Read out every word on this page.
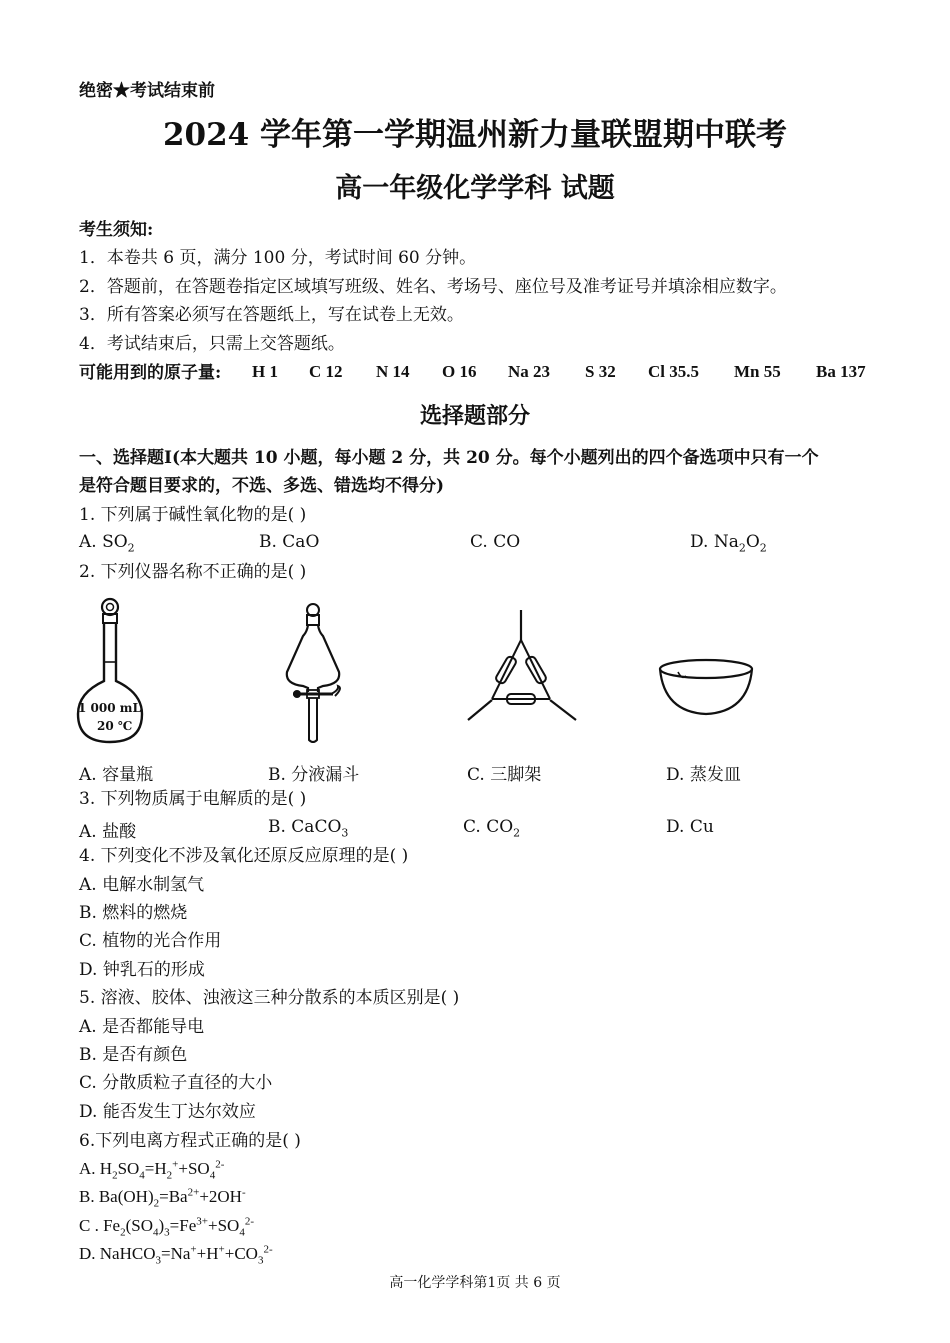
绝密★考试结束前
2024 学年第一学期温州新力量联盟期中联考
高一年级化学学科 试题
考生须知:
1．本卷共 6 页，满分 100 分，考试时间 60 分钟。
2．答题前，在答题卷指定区域填写班级、姓名、考场号、座位号及准考证号并填涂相应数字。
3．所有答案必须写在答题纸上，写在试卷上无效。
4．考试结束后，只需上交答题纸。
可能用到的原子量: H 1 C 12 N 14 O 16 Na 23 S 32 Cl 35.5 Mn 55 Ba 137
选择题部分
一、选择题I(本大题共 10 小题，每小题 2 分，共 20 分。每个小题列出的四个备选项中只有一个
是符合题目要求的，不选、多选、错选均不得分)
1. 下列属于碱性氧化物的是( )
A. $SO_2$	B. CaO	C. CO	D. $Na_2O_2$
2. 下列仪器名称不正确的是( )
1 000 mL
20 ℃
A. 容量瓶	B. 分液漏斗	C. 三脚架	D. 蒸发皿
3. 下列物质属于电解质的是( )
A. 盐酸	B. CaCO$_3$	C. $CO_2$	D. Cu
4. 下列变化不涉及氧化还原反应原理的是( )
A. 电解水制氢气
B. 燃料的燃烧
C. 植物的光合作用
D. 钟乳石的形成
5. 溶液、胶体、浊液这三种分散系的本质区别是( )
A. 是否都能导电
B. 是否有颜色
C. 分散质粒子直径的大小
D. 能否发生丁达尔效应
6.下列电离方程式正确的是( )
A. $H_2SO_4=H_2^++SO_4^{2-}$
B. $Ba(OH)_2=Ba^{2+}+2OH^-$
C . $Fe_2(SO_4)_3=Fe^{3+}+SO_4^{2-}$
D. $NaHCO_3=Na^++H^++CO_3^{2-}$
高一化学学科第1页 共 6 页
